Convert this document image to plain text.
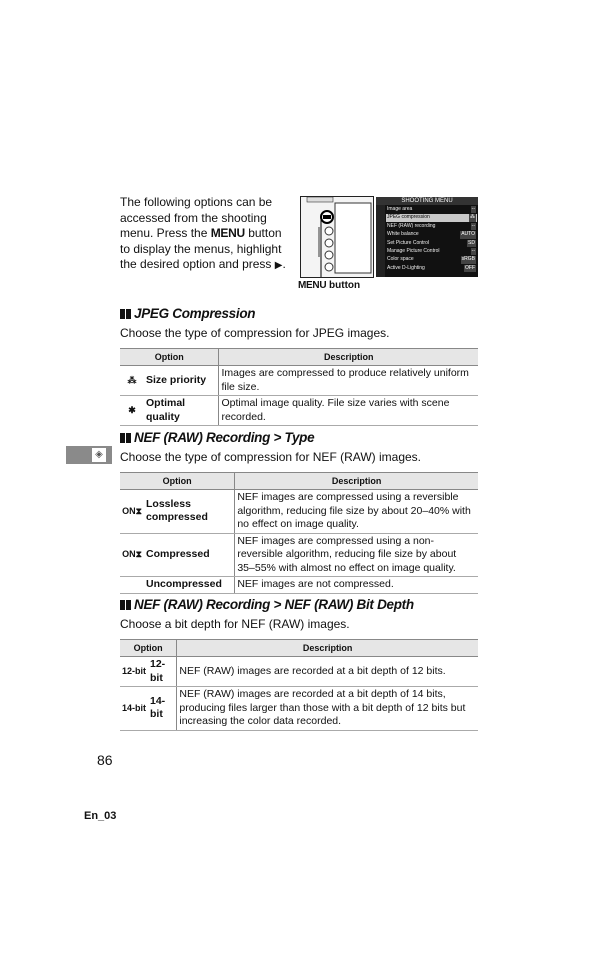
The following options can be accessed from the shooting menu. Press the MENU button to display the menus, highlight the desired option and press ▶.
SHOOTING MENU
Image area	--
JPEG compression	⁂
NEF (RAW) recording	--
White balance	AUTO
Set Picture Control	SD
Manage Picture Control	--
Color space	sRGB
Active D-Lighting	OFF
MENU button
JPEG Compression
Choose the type of compression for JPEG images.
Option		Description
⁂	Size priority	Images are compressed to produce relatively uniform file size.
✱	Optimal quality	Optimal image quality. File size varies with scene recorded.
◈
NEF (RAW) Recording > Type
Choose the type of compression for NEF (RAW) images.
Option		Description
ON⧗	Lossless compressed	NEF images are compressed using a reversible algorithm, reducing file size by about 20–40% with no effect on image quality.
ON⧗	Compressed	NEF images are compressed using a non-reversible algorithm, reducing file size by about 35–55% with almost no effect on image quality.
	Uncompressed	NEF images are not compressed.
NEF (RAW) Recording > NEF (RAW) Bit Depth
Choose a bit depth for NEF (RAW) images.
Option		Description
12-bit	12-bit	NEF (RAW) images are recorded at a bit depth of 12 bits.
14-bit	14-bit	NEF (RAW) images are recorded at a bit depth of 14 bits, producing files larger than those with a bit depth of 12 bits but increasing the color data recorded.
86
En_03
